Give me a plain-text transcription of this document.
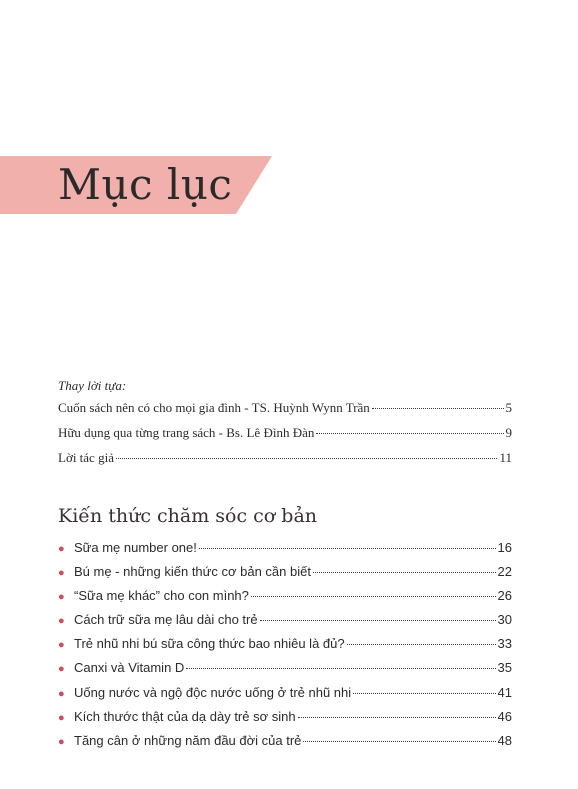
Mục lục
Thay lời tựa:
Cuốn sách nên có cho mọi gia đình - TS. Huỳnh Wynn Trần	5
Hữu dụng qua từng trang sách - Bs. Lê Đình Đàn	9
Lời tác giả	11
Kiến thức chăm sóc cơ bản
● Sữa mẹ number one!	16
● Bú mẹ - những kiến thức cơ bản cần biết	22
● “Sữa mẹ khác” cho con mình?	26
● Cách trữ sữa mẹ lâu dài cho trẻ	30
● Trẻ nhũ nhi bú sữa công thức bao nhiêu là đủ?	33
● Canxi và Vitamin D	35
● Uống nước và ngộ độc nước uống ở trẻ nhũ nhi	41
● Kích thước thật của dạ dày trẻ sơ sinh	46
● Tăng cân ở những năm đầu đời của trẻ	48
